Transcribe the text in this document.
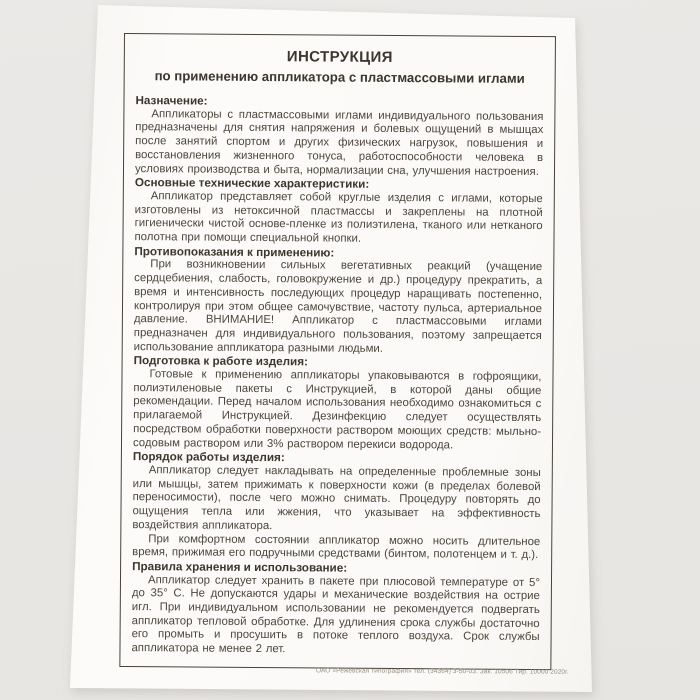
ИНСТРУКЦИЯ
по применению аппликатора с пластмассовыми иглами
Назначение:

Аппликаторы с пластмассовыми иглами индивидуального пользования предназначены для снятия напряжения и болевых ощущений в мышцах после занятий спортом и других физических нагрузок, повышения и восстановления жизненного тонуса, работоспособности человека в условиях производства и быта, нормализации сна, улучшения настроения.

Основные технические характеристики:

Аппликатор представляет собой круглые изделия с иглами, которые изготовлены из нетоксичной пластмассы и закреплены на плотной гигиенически чистой основе-пленке из полиэтилена, тканого или нетканого полотна при помощи специальной кнопки.

Противопоказания к применению:

При возникновении сильных вегетативных реакций (учащение сердцебиения, слабость, головокружение и др.) процедуру прекратить, а время и интенсивность последующих процедур наращивать постепенно, контролируя при этом общее самочувствие, частоту пульса, артериальное давление. ВНИМАНИЕ! Аппликатор с пластмассовыми иглами предназначен для индивидуального пользования, поэтому запрещается использование аппликатора разными людьми.

Подготовка к работе изделия:

Готовые к применению аппликаторы упаковываются в гофроящики, полиэтиленовые пакеты с Инструкцией, в которой даны общие рекомендации. Перед началом использования необходимо ознакомиться с прилагаемой Инструкцией. Дезинфекцию следует осуществлять посредством обработки поверхности раствором моющих средств: мыльно-содовым раствором или 3% раствором перекиси водорода.

Порядок работы изделия:

Аппликатор следует накладывать на определенные проблемные зоны или мышцы, затем прижимать к поверхности кожи (в пределах болевой переносимости), после чего можно снимать. Процедуру повторять до ощущения тепла или жжения, что указывает на эффективность воздействия аппликатора.

При комфортном состоянии аппликатор можно носить длительное время, прижимая его подручными средствами (бинтом, полотенцем и т. д.).

Правила хранения и использование:

Аппликатор следует хранить в пакете при плюсовой температуре от 5° до 35° С. Не допускаются удары и механические воздействия на острие игл. При индивидуальном использовании не рекомендуется подвергать аппликатор тепловой обработке. Для удлинения срока службы достаточно его промыть и просушить в потоке теплого воздуха. Срок службы аппликатора не менее 2 лет.

ОАО «Режевская типография» тел. (34364) 3-50-03. Зак. 10506 Тир. 10000 2020г.
